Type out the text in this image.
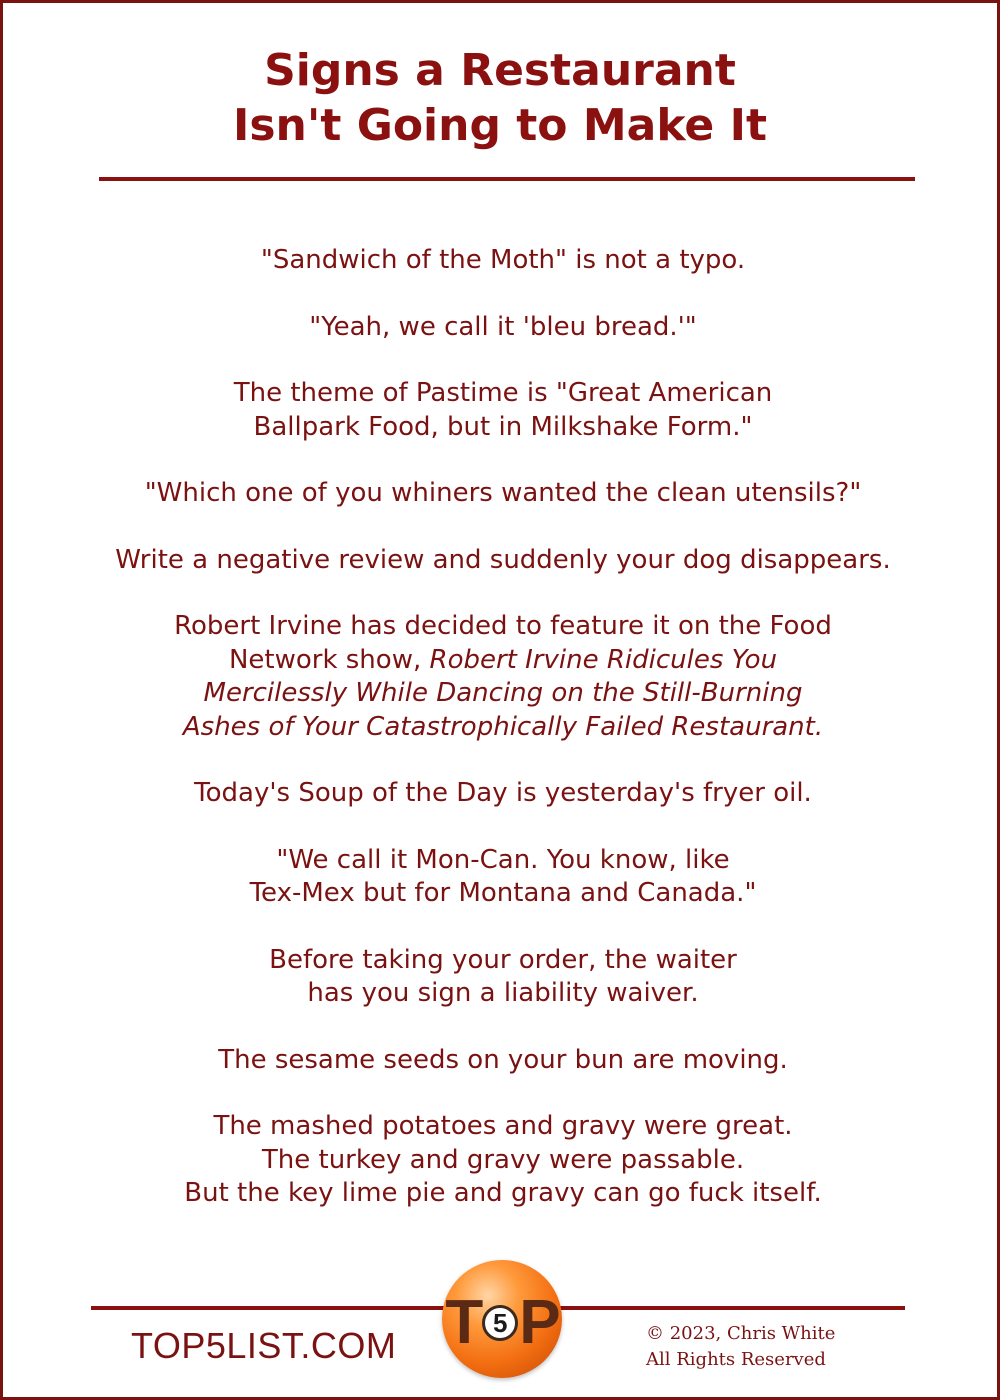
Signs a Restaurant
Isn't Going to Make It
"Sandwich of the Moth" is not a typo.
"Yeah, we call it 'bleu bread.'"
The theme of Pastime is "Great American
Ballpark Food, but in Milkshake Form."
"Which one of you whiners wanted the clean utensils?"
Write a negative review and suddenly your dog disappears.
Robert Irvine has decided to feature it on the Food
Network show, Robert Irvine Ridicules You
Mercilessly While Dancing on the Still-Burning
Ashes of Your Catastrophically Failed Restaurant.
Today's Soup of the Day is yesterday's fryer oil.
"We call it Mon-Can. You know, like
Tex-Mex but for Montana and Canada."
Before taking your order, the waiter
has you sign a liability waiver.
The sesame seeds on your bun are moving.
The mashed potatoes and gravy were great.
The turkey and gravy were passable.
But the key lime pie and gravy can go fuck itself.
TOP5LIST.COM T 5 P	© 2023, Chris White
All Rights Reserved
